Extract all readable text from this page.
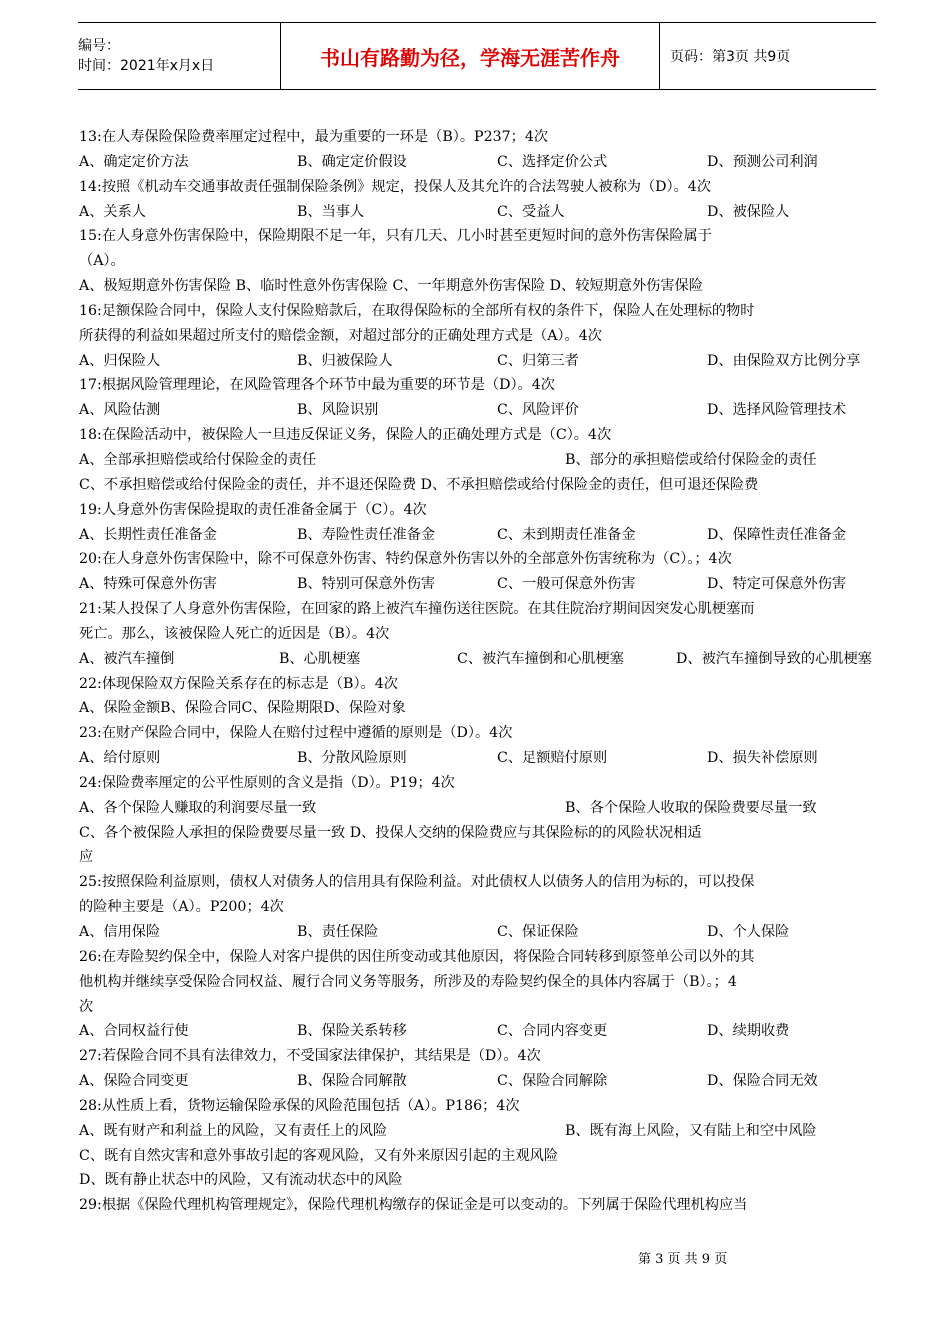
编号：
时间：2021年x月x日	书山有路勤为径，学海无涯苦作舟	页码：第3页 共9页
13:在人寿保险保险费率厘定过程中，最为重要的一环是（B）。P237；4次
A、确定定价方法	B、确定定价假设	C、选择定价公式	D、预测公司利润
14:按照《机动车交通事故责任强制保险条例》规定，投保人及其允许的合法驾驶人被称为（D）。4次
A、关系人	B、当事人	C、受益人	D、被保险人
15:在人身意外伤害保险中，保险期限不足一年，只有几天、几小时甚至更短时间的意外伤害保险属于
（A）。
A、极短期意外伤害保险 B、临时性意外伤害保险 C、一年期意外伤害保险 D、较短期意外伤害保险
16:足额保险合同中，保险人支付保险赔款后，在取得保险标的全部所有权的条件下，保险人在处理标的物时
所获得的利益如果超过所支付的赔偿金额，对超过部分的正确处理方式是（A）。4次
A、归保险人	B、归被保险人	C、归第三者	D、由保险双方比例分享
17:根据风险管理理论，在风险管理各个环节中最为重要的环节是（D）。4次
A、风险估测	B、风险识别	C、风险评价	D、选择风险管理技术
18:在保险活动中，被保险人一旦违反保证义务，保险人的正确处理方式是（C）。4次
A、全部承担赔偿或给付保险金的责任	B、部分的承担赔偿或给付保险金的责任
C、不承担赔偿或给付保险金的责任，并不退还保险费 D、不承担赔偿或给付保险金的责任，但可退还保险费
19:人身意外伤害保险提取的责任准备金属于（C）。4次
A、长期性责任准备金	B、寿险性责任准备金	C、未到期责任准备金	D、保障性责任准备金
20:在人身意外伤害保险中，除不可保意外伤害、特约保意外伤害以外的全部意外伤害统称为（C）。；4次
A、特殊可保意外伤害	B、特别可保意外伤害	C、一般可保意外伤害	D、特定可保意外伤害
21:某人投保了人身意外伤害保险，在回家的路上被汽车撞伤送往医院。在其住院治疗期间因突发心肌梗塞而
死亡。那么，该被保险人死亡的近因是（B）。4次
A、被汽车撞倒	B、心肌梗塞	C、被汽车撞倒和心肌梗塞	D、被汽车撞倒导致的心肌梗塞
22:体现保险双方保险关系存在的标志是（B）。4次
A、保险金额B、保险合同C、保险期限D、保险对象
23:在财产保险合同中，保险人在赔付过程中遵循的原则是（D）。4次
A、给付原则	B、分散风险原则	C、足额赔付原则	D、损失补偿原则
24:保险费率厘定的公平性原则的含义是指（D）。P19；4次
A、各个保险人赚取的利润要尽量一致	B、各个保险人收取的保险费要尽量一致
C、各个被保险人承担的保险费要尽量一致 D、投保人交纳的保险费应与其保险标的的风险状况相适
应
25:按照保险利益原则，债权人对债务人的信用具有保险利益。对此债权人以债务人的信用为标的，可以投保
的险种主要是（A）。P200；4次
A、信用保险	B、责任保险	C、保证保险	D、个人保险
26:在寿险契约保全中，保险人对客户提供的因住所变动或其他原因，将保险合同转移到原签单公司以外的其
他机构并继续享受保险合同权益、履行合同义务等服务，所涉及的寿险契约保全的具体内容属于（B）。；4
次
A、合同权益行使	B、保险关系转移	C、合同内容变更	D、续期收费
27:若保险合同不具有法律效力，不受国家法律保护，其结果是（D）。4次
A、保险合同变更	B、保险合同解散	C、保险合同解除	D、保险合同无效
28:从性质上看，货物运输保险承保的风险范围包括（A）。P186；4次
A、既有财产和利益上的风险，又有责任上的风险	B、既有海上风险，又有陆上和空中风险
C、既有自然灾害和意外事故引起的客观风险，又有外来原因引起的主观风险
D、既有静止状态中的风险，又有流动状态中的风险
29:根据《保险代理机构管理规定》，保险代理机构缴存的保证金是可以变动的。下列属于保险代理机构应当
第 3 页 共 9 页
